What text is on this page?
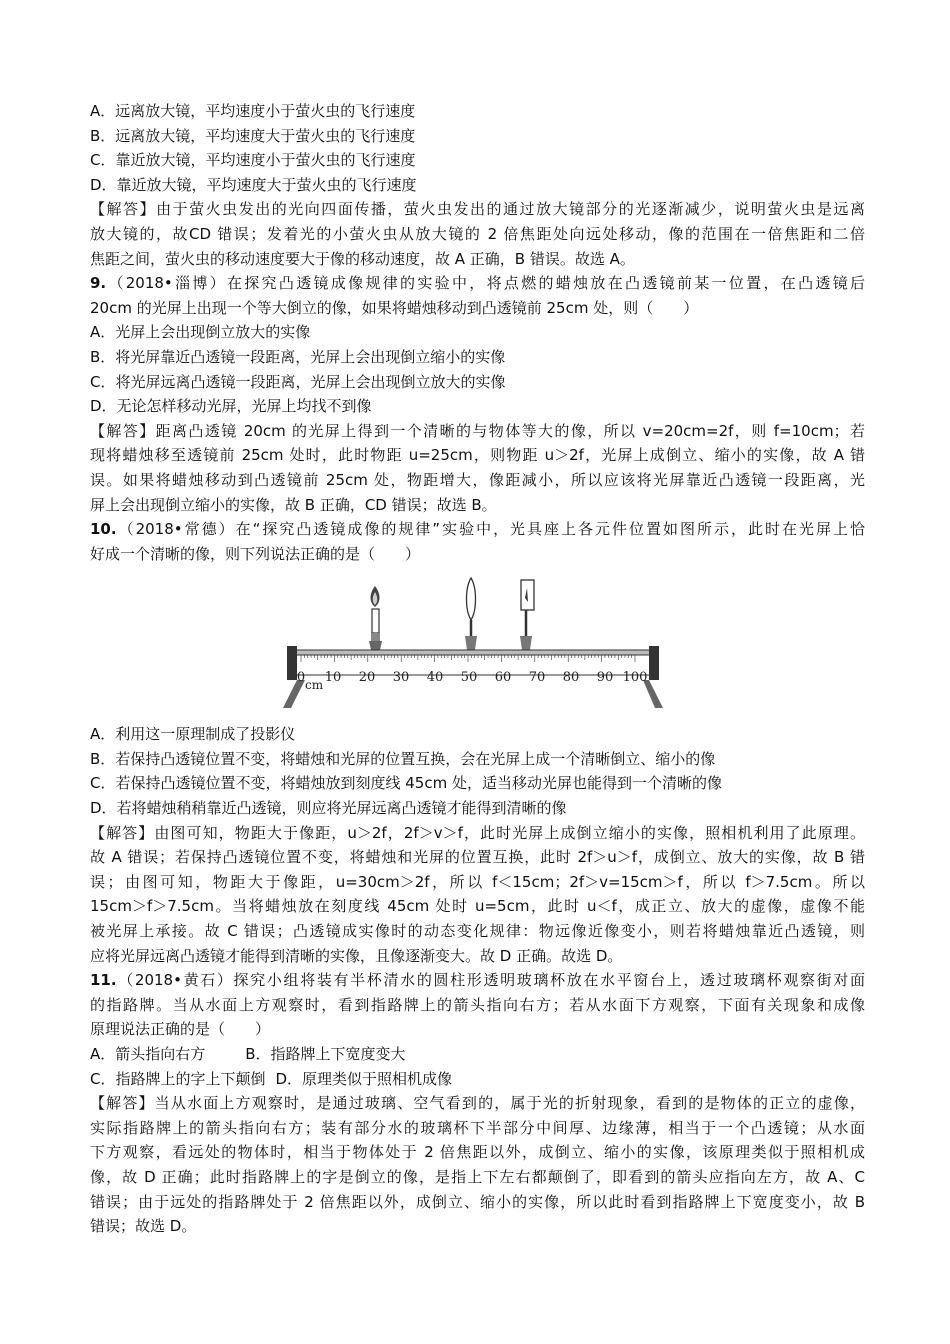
A．远离放大镜，平均速度小于萤火虫的飞行速度
B．远离放大镜，平均速度大于萤火虫的飞行速度
C．靠近放大镜，平均速度小于萤火虫的飞行速度
D．靠近放大镜，平均速度大于萤火虫的飞行速度
【解答】由于萤火虫发出的光向四面传播，萤火虫发出的通过放大镜部分的光逐渐减少，说明萤火虫是远离
放大镜的，故CD 错误；发着光的小萤火虫从放大镜的 2 倍焦距处向远处移动，像的范围在一倍焦距和二倍
焦距之间，萤火虫的移动速度要大于像的移动速度，故 A 正确，B 错误。故选 A。
9.（2018•淄博）在探究凸透镜成像规律的实验中，将点燃的蜡烛放在凸透镜前某一位置，在凸透镜后
20cm 的光屏上出现一个等大倒立的像，如果将蜡烛移动到凸透镜前 25cm 处，则（　　）
A．光屏上会出现倒立放大的实像
B．将光屏靠近凸透镜一段距离，光屏上会出现倒立缩小的实像
C．将光屏远离凸透镜一段距离，光屏上会出现倒立放大的实像
D．无论怎样移动光屏，光屏上均找不到像
【解答】距离凸透镜 20cm 的光屏上得到一个清晰的与物体等大的像，所以 v=20cm=2f，则 f=10cm；若
现将蜡烛移至透镜前 25cm 处时，此时物距 u=25cm，则物距 u＞2f，光屏上成倒立、缩小的实像，故 A 错
误。如果将蜡烛移动到凸透镜前 25cm 处，物距增大，像距减小，所以应该将光屏靠近凸透镜一段距离，光
屏上会出现倒立缩小的实像，故 B 正确，CD 错误；故选 B。
10.（2018•常德）在“探究凸透镜成像的规律”实验中，光具座上各元件位置如图所示，此时在光屏上恰
好成一个清晰的像，则下列说法正确的是（　　）
cm
0 10 20 30 40 50 60 70 80 90 100
A．利用这一原理制成了投影仪
B．若保持凸透镜位置不变，将蜡烛和光屏的位置互换，会在光屏上成一个清晰倒立、缩小的像
C．若保持凸透镜位置不变，将蜡烛放到刻度线 45cm 处，适当移动光屏也能得到一个清晰的像
D．若将蜡烛稍稍靠近凸透镜，则应将光屏远离凸透镜才能得到清晰的像
【解答】由图可知，物距大于像距，u＞2f，2f＞v＞f，此时光屏上成倒立缩小的实像，照相机利用了此原理。
故 A 错误；若保持凸透镜位置不变，将蜡烛和光屏的位置互换，此时 2f＞u＞f，成倒立、放大的实像，故 B 错
误；由图可知，物距大于像距，u=30cm＞2f，所以 f＜15cm；2f＞v=15cm＞f，所以 f＞7.5cm。所以
15cm＞f＞7.5cm。当将蜡烛放在刻度线 45cm 处时 u=5cm，此时 u＜f，成正立、放大的虚像，虚像不能
被光屏上承接。故 C 错误；凸透镜成实像时的动态变化规律：物远像近像变小，则若将蜡烛靠近凸透镜，则
应将光屏远离凸透镜才能得到清晰的实像，且像逐渐变大。故 D 正确。故选 D。
11.（2018•黄石）探究小组将装有半杯清水的圆柱形透明玻璃杯放在水平窗台上，透过玻璃杯观察街对面
的指路牌。当从水面上方观察时，看到指路牌上的箭头指向右方；若从水面下方观察，下面有关现象和成像
原理说法正确的是（　　）
A．箭头指向右方	B．指路牌上下宽度变大
C．指路牌上的字上下颠倒 D．原理类似于照相机成像
【解答】当从水面上方观察时，是通过玻璃、空气看到的，属于光的折射现象，看到的是物体的正立的虚像，
实际指路牌上的箭头指向右方；装有部分水的玻璃杯下半部分中间厚、边缘薄，相当于一个凸透镜；从水面
下方观察，看远处的物体时，相当于物体处于 2 倍焦距以外，成倒立、缩小的实像，该原理类似于照相机成
像，故 D 正确；此时指路牌上的字是倒立的像，是指上下左右都颠倒了，即看到的箭头应指向左方，故 A、C
错误；由于远处的指路牌处于 2 倍焦距以外，成倒立、缩小的实像，所以此时看到指路牌上下宽度变小，故 B
错误；故选 D。
